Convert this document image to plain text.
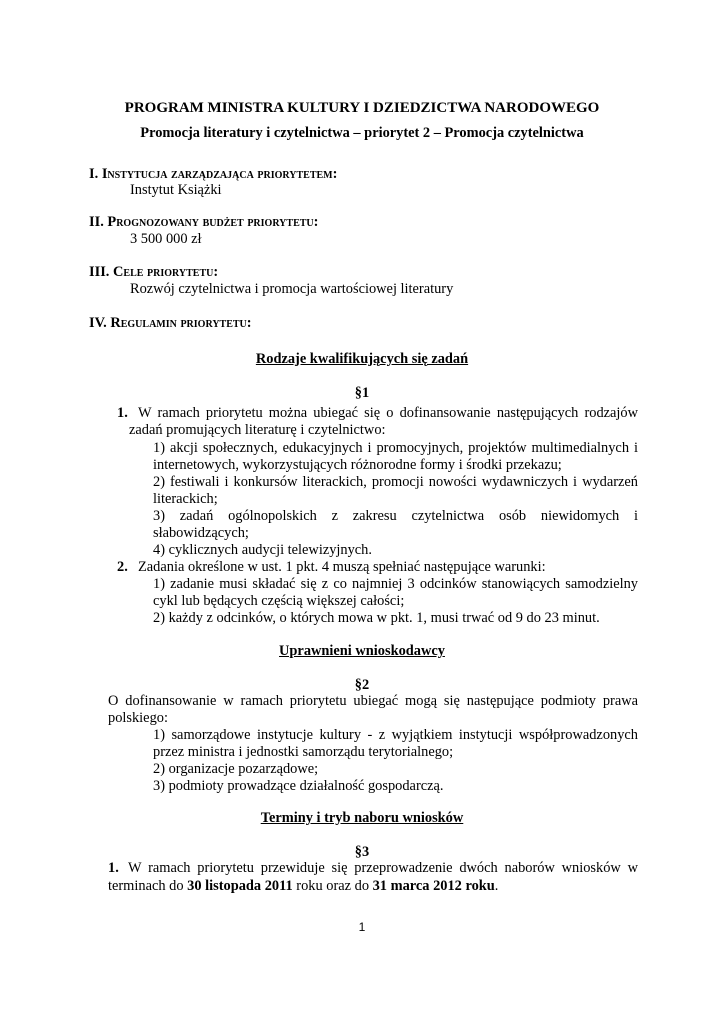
PROGRAM MINISTRA KULTURY I DZIEDZICTWA NARODOWEGO
Promocja literatury i czytelnictwa – priorytet 2 – Promocja czytelnictwa
I. Instytucja zarządzająca priorytetem:
Instytut Książki
II. Prognozowany budżet priorytetu:
3 500 000 zł
III. Cele priorytetu:
Rozwój czytelnictwa i promocja wartościowej literatury
IV. Regulamin priorytetu:
Rodzaje kwalifikujących się zadań
§1
1. W ramach priorytetu można ubiegać się o dofinansowanie następujących rodzajów
zadań promujących literaturę i czytelnictwo:
1) akcji społecznych, edukacyjnych i promocyjnych, projektów multimedialnych i
internetowych, wykorzystujących różnorodne formy i środki przekazu;
2) festiwali i konkursów literackich, promocji nowości wydawniczych i wydarzeń
literackich;
3) zadań ogólnopolskich z zakresu czytelnictwa osób niewidomych i
słabowidzących;
4) cyklicznych audycji telewizyjnych.
2. Zadania określone w ust. 1 pkt. 4 muszą spełniać następujące warunki:
1) zadanie musi składać się z co najmniej 3 odcinków stanowiących samodzielny
cykl lub będących częścią większej całości;
2) każdy z odcinków, o których mowa w pkt. 1, musi trwać od 9 do 23 minut.
Uprawnieni wnioskodawcy
§2
O dofinansowanie w ramach priorytetu ubiegać mogą się następujące podmioty prawa
polskiego:
1) samorządowe instytucje kultury - z wyjątkiem instytucji współprowadzonych
przez ministra i jednostki samorządu terytorialnego;
2) organizacje pozarządowe;
3) podmioty prowadzące działalność gospodarczą.
Terminy i tryb naboru wniosków
§3
1. W ramach priorytetu przewiduje się przeprowadzenie dwóch naborów wniosków w
terminach do 30 listopada 2011 roku oraz do 31 marca 2012 roku.
1
